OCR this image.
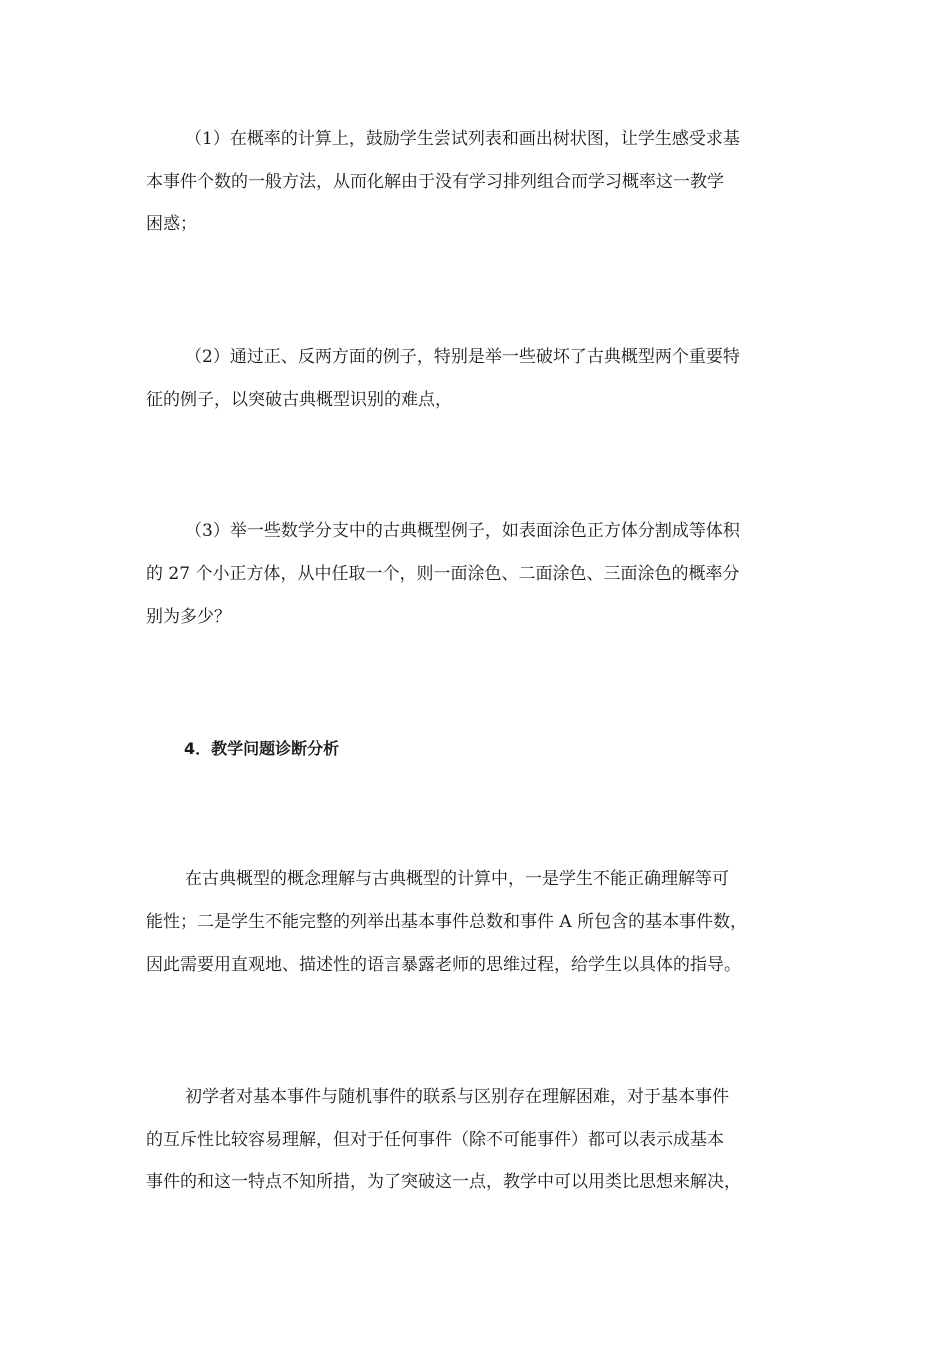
（1）在概率的计算上，鼓励学生尝试列表和画出树状图，让学生感受求基
本事件个数的一般方法，从而化解由于没有学习排列组合而学习概率这一教学
困惑；
（2）通过正、反两方面的例子，特别是举一些破坏了古典概型两个重要特
征的例子，以突破古典概型识别的难点，
（3）举一些数学分支中的古典概型例子，如表面涂色正方体分割成等体积
的 27 个小正方体，从中任取一个，则一面涂色、二面涂色、三面涂色的概率分
别为多少？
4．教学问题诊断分析
在古典概型的概念理解与古典概型的计算中，一是学生不能正确理解等可
能性；二是学生不能完整的列举出基本事件总数和事件 A 所包含的基本事件数，
因此需要用直观地、描述性的语言暴露老师的思维过程，给学生以具体的指导。
初学者对基本事件与随机事件的联系与区别存在理解困难，对于基本事件
的互斥性比较容易理解，但对于任何事件（除不可能事件）都可以表示成基本
事件的和这一特点不知所措，为了突破这一点，教学中可以用类比思想来解决，
